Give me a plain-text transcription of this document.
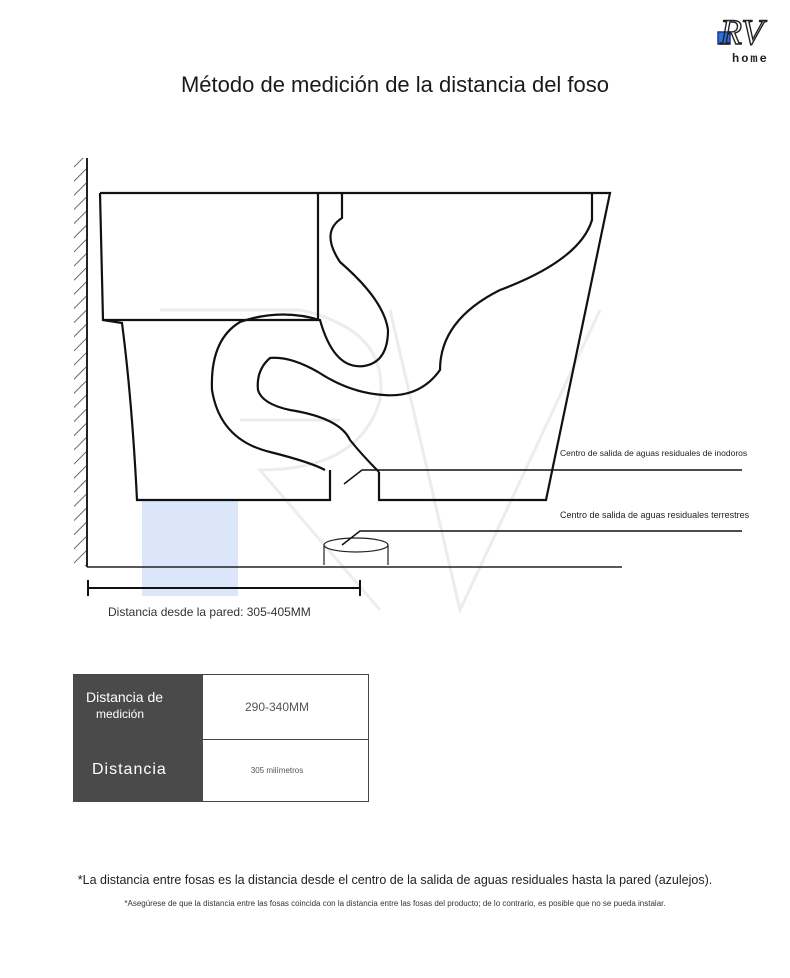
RV
home
Método de medición de la distancia del foso
Centro de salida de aguas residuales de inodoros
Centro de salida de aguas residuales terrestres
Distancia desde la pared: 305-405MM
Distancia de
medición	290-340MM
Distancia	305 milímetros
*La distancia entre fosas es la distancia desde el centro de la salida de aguas residuales hasta la pared (azulejos).
*Asegúrese de que la distancia entre las fosas coincida con la distancia entre las fosas del producto; de lo contrario, es posible que no se pueda instalar.
